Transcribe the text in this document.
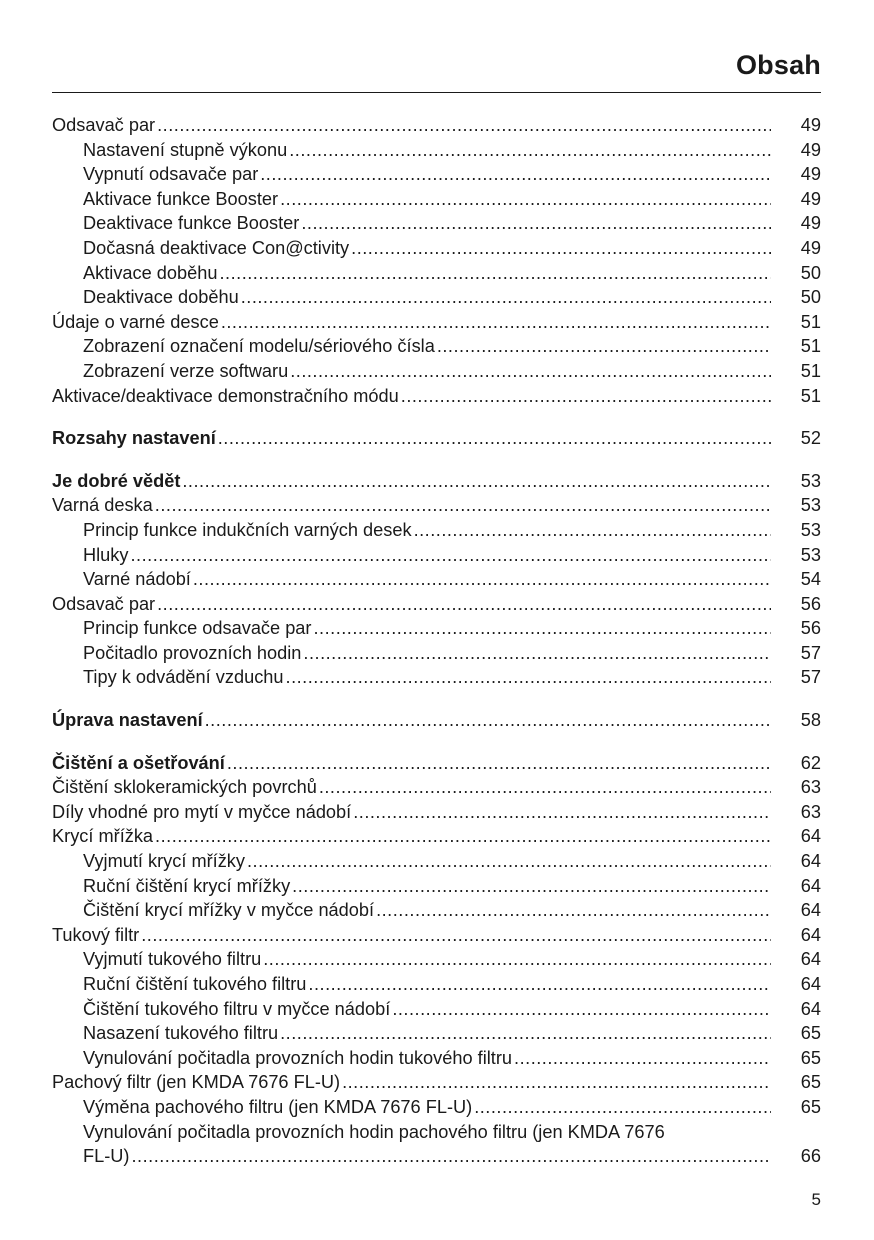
Obsah
Odsavač par .....	49
Nastavení stupně výkonu .....	49
Vypnutí odsavače par .....	49
Aktivace funkce Booster .....	49
Deaktivace funkce Booster .....	49
Dočasná deaktivace Con@ctivity .....	49
Aktivace doběhu .....	50
Deaktivace doběhu .....	50
Údaje o varné desce .....	51
Zobrazení označení modelu/sériového čísla .....	51
Zobrazení verze softwaru .....	51
Aktivace/deaktivace demonstračního módu .....	51
Rozsahy nastavení .....	52
Je dobré vědět .....	53
Varná deska .....	53
Princip funkce indukčních varných desek .....	53
Hluky .....	53
Varné nádobí .....	54
Odsavač par .....	56
Princip funkce odsavače par .....	56
Počitadlo provozních hodin .....	57
Tipy k odvádění vzduchu .....	57
Úprava nastavení .....	58
Čištění a ošetřování .....	62
Čištění sklokeramických povrchů .....	63
Díly vhodné pro mytí v myčce nádobí .....	63
Krycí mřížka .....	64
Vyjmutí krycí mřížky .....	64
Ruční čištění krycí mřížky .....	64
Čištění krycí mřížky v myčce nádobí .....	64
Tukový filtr .....	64
Vyjmutí tukového filtru .....	64
Ruční čištění tukového filtru .....	64
Čištění tukového filtru v myčce nádobí .....	64
Nasazení tukového filtru .....	65
Vynulování počitadla provozních hodin tukového filtru .....	65
Pachový filtr (jen KMDA 7676 FL-U) .....	65
Výměna pachového filtru (jen KMDA 7676 FL-U) .....	65
Vynulování počitadla provozních hodin pachového filtru (jen KMDA 7676
FL-U) .....	66
5
